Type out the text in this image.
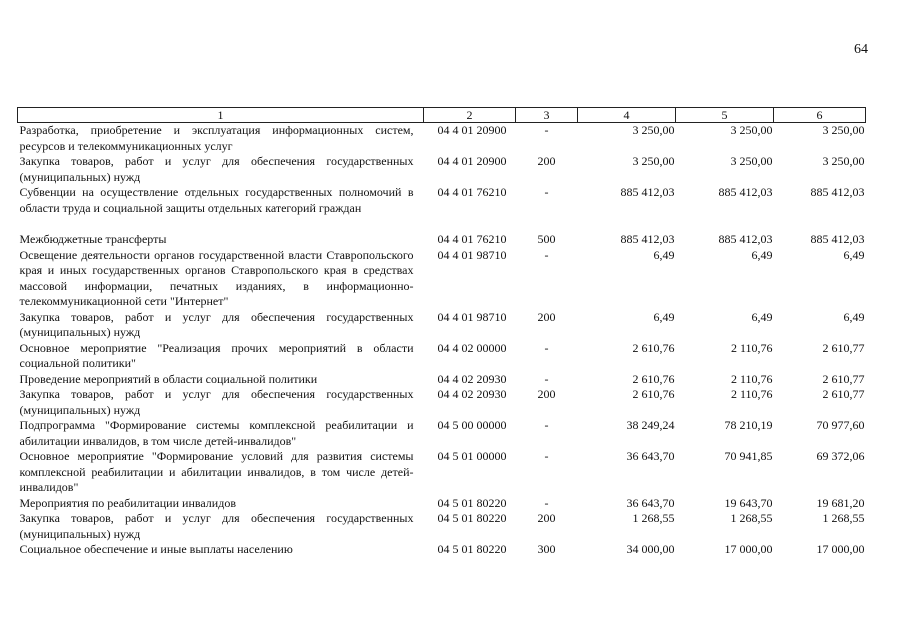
64
1	2	3	4	5	6
Разработка, приобретение и эксплуатация информационных систем, ресурсов и телекоммуникационных услуг	04 4 01 20900	-	3 250,00	3 250,00	3 250,00
Закупка товаров, работ и услуг для обеспечения государственных (муниципальных) нужд	04 4 01 20900	200	3 250,00	3 250,00	3 250,00
Субвенции на осуществление отдельных государственных полномочий в области труда и социальной защиты отдельных категорий граждан	04 4 01 76210	-	885 412,03	885 412,03	885 412,03

Межбюджетные трансферты	04 4 01 76210	500	885 412,03	885 412,03	885 412,03
Освещение деятельности органов государственной власти Ставропольского края и иных государственных органов Ставропольского края в средствах массовой информации, печатных изданиях, в информационно-телекоммуникационной сети "Интернет"	04 4 01 98710	-	6,49	6,49	6,49
Закупка товаров, работ и услуг для обеспечения государственных (муниципальных) нужд	04 4 01 98710	200	6,49	6,49	6,49
Основное мероприятие "Реализация прочих мероприятий в области социальной политики"	04 4 02 00000	-	2 610,76	2 110,76	2 610,77
Проведение мероприятий в области социальной политики	04 4 02 20930	-	2 610,76	2 110,76	2 610,77
Закупка товаров, работ и услуг для обеспечения государственных (муниципальных) нужд	04 4 02 20930	200	2 610,76	2 110,76	2 610,77
Подпрограмма "Формирование системы комплексной реабилитации и абилитации инвалидов, в том числе детей-инвалидов"	04 5 00 00000	-	38 249,24	78 210,19	70 977,60
Основное мероприятие "Формирование условий для развития системы комплексной реабилитации и абилитации инвалидов, в том числе детей-инвалидов"	04 5 01 00000	-	36 643,70	70 941,85	69 372,06
Мероприятия по реабилитации инвалидов	04 5 01 80220	-	36 643,70	19 643,70	19 681,20
Закупка товаров, работ и услуг для обеспечения государственных (муниципальных) нужд	04 5 01 80220	200	1 268,55	1 268,55	1 268,55
Социальное обеспечение и иные выплаты населению	04 5 01 80220	300	34 000,00	17 000,00	17 000,00
